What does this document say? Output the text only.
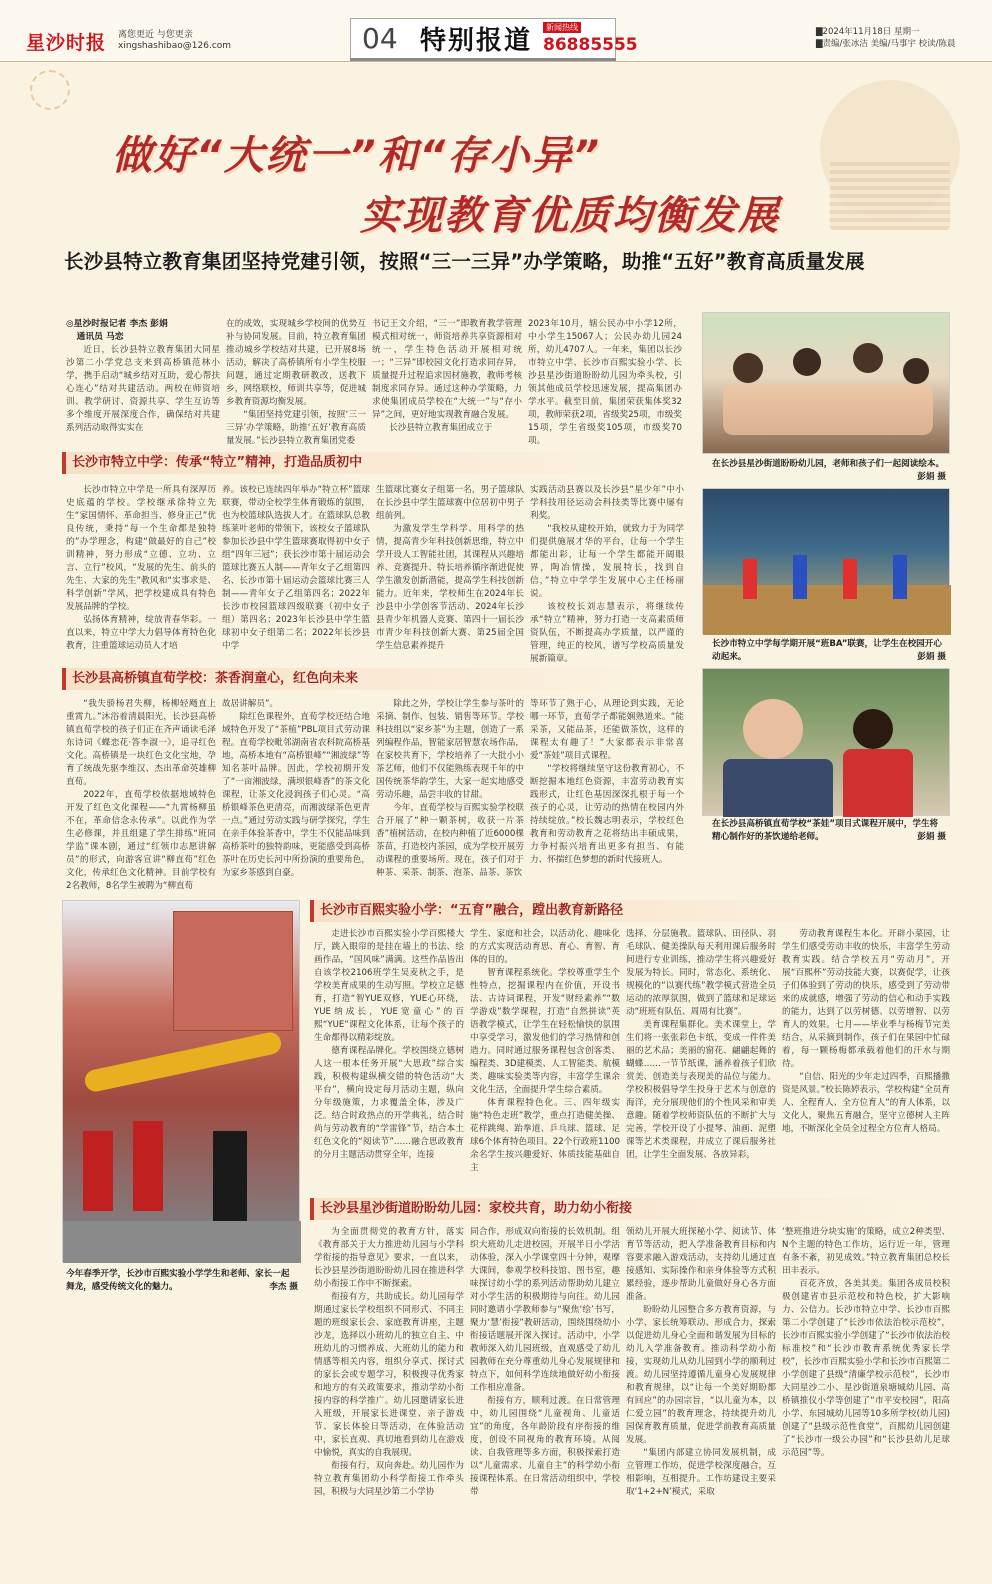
星沙时报 离您更近 与您更亲
xingshashibao@126.com	04 特别报道	新闻热线
86885555
▇2024年11月18日 星期一
▇责编/张冰洁 美编/马事宇 校读/陈晨
做好“大统一”和“存小异”
实现教育优质均衡发展
长沙县特立教育集团坚持党建引领，按照“三一三异”办学策略，助推“五好”教育高质量发展

◎星沙时报记者 李杰 彭娟

通讯员 马恋

近日，长沙县特立教育集团大同星沙第二小学党总支来到高桥镇范林小学，携手启动“城乡结对互助，爱心帮扶心连心”结对共建活动。两校在师资培训、教学研讨、资源共享、学生互访等多个维度开展深度合作，确保结对共建系列活动取得实实在

在的成效，实现城乡学校间的优势互补与协同发展。目前，特立教育集团推动城乡学校结对共建，已开展8场活动，解决了高桥镇所有小学生校服问题，通过定期教研教改，送教下乡，网络联校，师训共享等，促进城乡教育资源均衡发展。

“集团坚持党建引领，按照‘三一三异’办学策略，助推‘五好’教育高质量发展。”长沙县特立教育集团党委

书记王文介绍，“三一”即教育教学管理模式相对统一，师资培养共享资源相对统一，学生特色活动开展相对统一；“三异”即校园文化打造求同存异，质量提升过程追求因材施教，教师考核制度求同存异。通过这种办学策略，力求使集团成员学校在“大统一”与“存小异”之间，更好地实现教育融合发展。

长沙县特立教育集团成立于

2023年10月，辖公民办中小学12所，中小学生15067人；公民办幼儿园24所，幼儿4707人。一年来，集团以长沙市特立中学、长沙市百熙实验小学、长沙县星沙街道盼盼幼儿园为牵头校，引领其他成员学校迅速发展，提高集团办学水平。截至目前，集团荣获集体奖32项，教师荣获2项，省级奖25项，市级奖15项，学生省级奖105项，市级奖70项。

在长沙县星沙街道盼盼幼儿园，老师和孩子们一起阅读绘本。
彭娟 摄
长沙市特立中学：传承“特立”精神，打造品质初中

长沙市特立中学是一所具有深厚历史底蕴的学校。学校继承徐特立先生“家国情怀、革命担当、修身正己”优良传统，秉持“每一个生命都是独特的”办学理念，构建“做最好的自己”校训精神，努力形成“立德、立功、立言、立行”校风，“发展的先生、前头的先生、大家的先生”教风和“实事求是、科学创新”学风，把学校建成具有特色发展品牌的学校。

弘扬体育精神，绽放青春华彩。一直以来，特立中学大力倡导体育特色化教育，注重篮球运动员人才培

养。该校已连续四年举办“特立杯”篮球联赛，带动全校学生体育锻炼的氛围，也为校篮球队选拔人才。在篮球队总教练莱叶老师的带领下，该校女子篮球队参加长沙县中学生篮球赛取得初中女子组“四年三冠”；获长沙市第十届运动会篮球比赛五人制——青年女子乙组第四名、长沙市第十届运动会篮球比赛三人制——青年女子乙组第四名；2022年长沙市校园篮球四级联赛（初中女子组）第四名；2023年长沙县中学生篮球初中女子组第二名；2022年长沙县中学

生篮球比赛女子组第一名，男子篮球队在长沙县中学生篮球赛中位居初中男子组前列。

为激发学生学科学、用科学的热情，提高青少年科技创新思维，特立中学开设人工智能社团，其课程从兴趣培养、竞赛提升、特长培养循序渐进促使学生激发创新潜能，提高学生科技创新能力。近年来，学校师生在2024年长沙县中小学创客节活动、2024年长沙县青少年机器人竞赛、第四十一届长沙市青少年科技创新大赛、第25届全国学生信息素养提升

实践活动县赛以及长沙县“星少年”中小学科技用径运动会科技类等比赛中屡有利奖。

“我校从建校开始，就致力于为同学们提供施展才华的平台，让每一个学生都能出彩，让每一个学生都能开阔眼界，陶冶情操，发展特长，找到自信，”特立中学学生发展中心主任杨丽说。

该校校长刘志慧表示，将继续传承“特立”精神，努力打造一支高素质师资队伍，不断提高办学质量，以严谨的管理，纯正的校风，谱写学校高质量发展新篇章。

长沙市特立中学每学期开展“班BA”联赛，让学生在校园开心动起来。	彭娟 摄
长沙县高桥镇直荀学校：茶香润童心，红色向未来

“我失骄杨君失柳，杨柳轻飏直上重霄九。”沐浴着清晨阳光，长沙县高桥镇直荀学校的孩子们正在齐声诵读毛泽东诗词《蝶恋花·答李淑一》，追寻红色文化。高桥镇是一块红色文化宝地，孕育了统战先驱李维汉、杰出革命英雄柳直荀。

2022年，直荀学校依据地域特色开发了红色文化课程——“九霄杨柳虽不在，革命信念永传承”。以此作为学生必修课，并且组建了学生排练“班同学监”课本剧，通过“红领巾志愿讲解员”的形式，向游客宣讲“柳直荀”红色文化，传承红色文化精神。目前学校有2名教师，8名学生被聘为“柳直荀

故居讲解员”。

除红色课程外，直荀学校还结合地域特色开发了“茶植”PBL项目式劳动课程。直荀学校毗邻湖南省农科院高桥基地，高桥本地有“高桥银峰”“湘波绿”等知名茶叶品牌。因此，学校初期开发了“一亩湘波绿，满坝银峰香”的茶文化课程，让茶文化浸润孩子们心灵。“高桥银峰茶色更清亮，而湘波绿茶色更青一点。”通过劳动实践与研学探究，学生在亲手体验茶香中，学生不仅能品味到高桥茶叶的独特韵味，更能感受到高桥茶叶在历史长河中所扮演的重要角色，为家乡茶感到自豪。

除此之外，学校让学生参与茶叶的采摘、制作、包装、销售等环节。学校科技组以“家乡茶”为主题，创造了一系列编程作品，智能家居智慧农场作品，在家校共育下，学校培养了一大批小小茶艺师，他们不仅能熟练表现千年的中国传统茶华韵学生，大家一起实地感受劳动乐趣，品尝丰收的甘甜。

今年，直荀学校与百熙实验学校联合开展了“种一颗茶树，收获一片茶香”植树活动，在校内种植了近6000棵茶苗，打造校内茶园，成为学校开展劳动课程的重要场所。现在，孩子们对于种茶、采茶、制茶、泡茶、品茶、茶饮

等环节了熟于心，从理论到实践，无论哪一环节，直荀学子都能娴熟道来。“能采茶，又能品茶，还能做茶饮，这样的课程太有趣了！”大家都表示非常喜爱“茶娃”项目式课程。

“学校将继续坚守这份教育初心，不断挖掘本地红色资源，丰富劳动教育实践形式，让红色基因深深扎根于每一个孩子的心灵，让劳动的热情在校园内外持续绽放。”校长魏志明表示，学校红色教育和劳动教育之花将结出丰硕成果，力争村振兴培育出更多有担当、有能力、怀揣红色梦想的新时代接班人。

在长沙县高桥镇直荀学校“茶娃”项目式课程开展中，学生将精心制作好的茶饮递给老师。	彭娟 摄
今年春季开学，长沙市百熙实验小学学生和老师、家长一起舞龙，感受传统文化的魅力。	李杰 摄
长沙市百熙实验小学：“五育”融合，蹚出教育新路径

走进长沙市百熙实验小学百熙楼大厅，跳入眼帘的是挂在墙上的书法、绘画作品，“国风味”满满。这些作品皆出自该学校2106班学生吴麦秋之手，是学校美育成果的生动写照。学校立足德育，打造“智YUE双修，YUE心环绕，YUE纳成长，YUE宽童心”的百熙“YUE”课程文化体系，让每个孩子的生命都得以精彩绽放。

德育课程品牌化。学校围绕立德树人这一根本任务开展“大思政”综合实践，积极构建纵横交错的特色活动“大平台”，横向设定每月活动主题，纵向分年级施策，力求覆盖全体，涉及广泛。结合时政热点的开学典礼，结合时尚与劳动教育的“学雷锋”节，结合本土红色文化的“阅读节”……融合思政教育的分月主题活动贯穿全年，连接

学生、家庭和社会，以活动化、趣味化的方式实现活动育思、育心、育智、育体的目的。

智育课程系统化。学校尊重学生个性特点，挖掘课程内在价值，开设书法、古诗词课程，开发“财经素养”“数学游戏”数学课程，打造“自然拼读”英语教学模式，让学生在轻松愉快的氛围中享受学习，激发他们的学习热情和创造力。同时通过服务课程包含创客类、编程类、3D建模类、人工智能类、航模类、趣味实验类等内容，丰富学生课余文化生活，全面提升学生综合素质。

体育课程特色化。三、四年级实施“特色走班”教学，重点打造健美操、花样跳绳、跆拳道、乒乓球、篮球、足球6个体育特色项目。22个行政班1100余名学生按兴趣爱好、体质技能基础自主

选择、分层施教。篮球队、田径队、羽毛球队、健美操队每天利用课后服务时间进行专业训练，推动学生将兴趣爱好发展为特长。同时，常态化、系统化、规模化的“以赛代练”教学模式营造全员运动的浓厚氛围，做到了篮球和足球运动“班班有队伍、周周有比赛”。

美育课程集群化。美术课堂上，学生们将一张张彩色卡纸，变成一件件美丽的艺术品；美丽的窗花、翩翩起舞的蝴蝶……一节节纸课，涵养着孩子们欣赏美、创造美与表现美的品位与能力。学校积极倡导学生投身于艺术与创意的海洋，充分展现他们的个性风采和审美意趣。随着学校师资队伍的不断扩大与完善，学校开设了小提琴、油画、泥塑课等艺术类课程，并成立了课后服务社团，让学生全面发展、各放异彩。

劳动教育课程生本化。开辟小菜园，让学生们感受劳动丰收的快乐，丰富学生劳动教育实践。结合学校五月“劳动月”，开展“百熙杯”劳动技能大赛，以赛促学，让孩子们体验到了劳动的快乐，感受到了劳动带来的成就感，增强了劳动的信心和动手实践的能力，达到了以劳树德、以劳增智、以劳育人的效果。七月——毕业季与杨梅节完美结合，从采摘到制作，孩子们在果园中忙碌着，每一颗杨梅都承载着他们的汗水与期待。

“自信、阳光的少年走过四季，百熙播撒资是风景。”校长陈婷表示，学校构建“全员育人、全程育人、全方位育人”的育人体系，以文化人，聚焦五育融合，坚守立德树人主阵地，不断深化全员全过程全方位育人格局。

长沙县星沙街道盼盼幼儿园：家校共育，助力幼小衔接

为全面贯彻党的教育方针，落实《教育部关于大力推进幼儿园与小学科学衔接的指导意见》要求，一直以来，长沙县星沙街道盼盼幼儿园在推进科学幼小衔接工作中不断探索。

衔接有方，共助成长。幼儿园每学期通过家长学校组织不同形式、不同主题的班级家长会、家庭教育讲座，主题沙龙，选择以小班幼儿的独立自主、中班幼儿的习惯养成、大班幼儿的能力和情感等相关内容，组织分享式、探讨式的家长会或专题学习，积极搜寻优秀家和地方的有关政策要求，推动学幼小衔接内容的科学推广。幼儿园邀请家长进入班级，开展家长进课堂、亲子游戏节、家长体验日等活动，在体验活动中，家长直观、真切地看到幼儿在游戏中愉悦，真实的自我展现。

衔接有行，双向奔赴。幼儿园作为特立教育集团幼小科学衔接工作牵头园，积极与大同星沙第二小学协

同合作，形成双向衔接的长效机制。组织大班幼儿走进校园，开展半日小学活动体验，深入小学课堂四十分钟，观摩大课间，参观学校科技馆、图书室，趣味探讨幼小学的系列活动帮助幼儿建立对小学生活的积极期待与向往。幼儿园同时邀请小学教师参与“聚焦‘绘’书写，聚力‘慧’衔接”教研活动，围绕围绕幼小衔接话题展开深入探讨。活动中，小学教师深入幼儿园班级，直观感受了幼儿园教师在充分尊重幼儿身心发展规律和特点下，如何科学连续地做好幼小衔接工作相应准备。

衔接有方，顺利过渡。在日常管理中，幼儿园围绕“儿童视角、儿童适宜”的角度，各年龄阶段有序衔接的维度，创设不同视角的教育环境。从阅读、自我管理等多方面，积极探索打造以“儿童需求、儿童自主”的科学幼小衔接课程体系。在日常活动组织中，学校带

领幼儿开展大班探秘小学、阅读节、体育节等活动，把入学准备教育目标和内容要求融入游戏活动，支持幼儿通过直接感知、实际操作和亲身体验等方式积累经验，逐步帮助儿童做好身心各方面准备。

盼盼幼儿园整合多方教育资源，与小学、家长统筹联动、形成合力，探索以促进幼儿身心全面和谐发展为目标的幼儿入学准备教育。推动科学幼小衔接，实现幼儿从幼儿园到小学的顺利过渡。幼儿园坚持遵循儿童身心发展规律和教育规律，以“让每一个美好期盼都有回应”的办园宗旨，“以儿童为本，以仁爱立园”的教育理念，持续提升幼儿园保育教育质量，促进学前教育高质量发展。

“集团内部建立协同发展机制，成立管理工作坊，促进学校深度融合，互相影响，互相提升。工作坊建设主要采取‘1+2+N’模式，采取

‘整班推进分块实施’的策略，成立2种类型、N个主题的特色工作坊，运行近一年，管理有条不紊，初见成效。”特立教育集团总校长田丰表示。

百花齐放，各美其美。集团各成员校积极创建省市县示范校和特色校，扩大影响力、公信力。长沙市特立中学、长沙市百熙第二小学创建了“长沙市依法治校示范校”，长沙市百熙实验小学创建了“长沙市依法治校标准校”和“长沙市教育系统优秀家长学校”，长沙市百熙实验小学和长沙市百熙第二小学创建了县级“清廉学校示范校”，长沙市大同星沙二小、星沙街道泉塘城幼儿园、高桥镇推仪小学等创建了“市平安校园”，阳高小学、东园城幼儿园等10多所学校(幼儿园)创建了“县级示范性食堂”，百熙幼儿园创建了“长沙市一级公办园”和“长沙县幼儿足球示范园”等。
